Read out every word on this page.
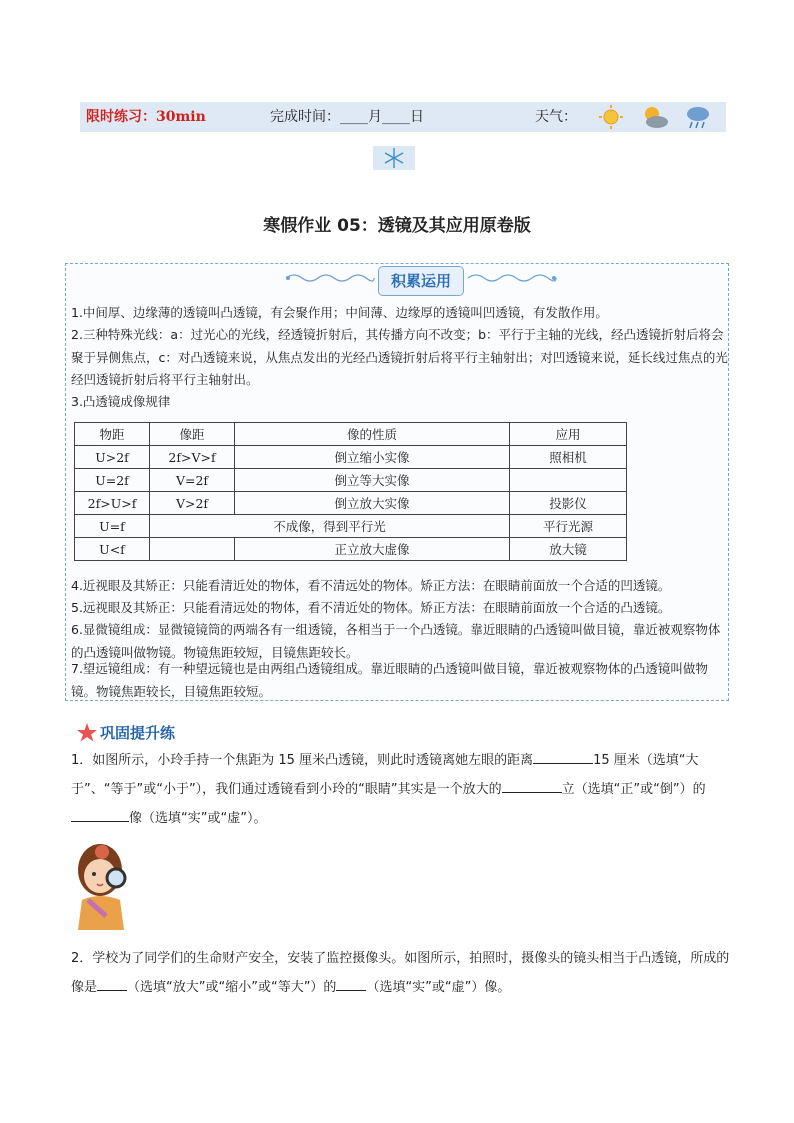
限时练习：30min	完成时间：____月____日	天气：
寒假作业 05：透镜及其应用原卷版
积累运用
1.中间厚、边缘薄的透镜叫凸透镜，有会聚作用；中间薄、边缘厚的透镜叫凹透镜，有发散作用。
2.三种特殊光线：a：过光心的光线，经透镜折射后，其传播方向不改变；b：平行于主轴的光线，经凸透镜折射后将会聚于异侧焦点，c：对凸透镜来说，从焦点发出的光经凸透镜折射后将平行主轴射出；对凹透镜来说，延长线过焦点的光经凹透镜折射后将平行主轴射出。
3.凸透镜成像规律
物距	像距	像的性质	应用
U>2f	2f>V>f	倒立缩小实像	照相机
U=2f	V=2f	倒立等大实像	
2f>U>f	V>2f	倒立放大实像	投影仪
U=f	不成像，得到平行光		平行光源
U<f		正立放大虚像	放大镜
4.近视眼及其矫正：只能看清近处的物体，看不清远处的物体。矫正方法：在眼睛前面放一个合适的凹透镜。
5.远视眼及其矫正：只能看清远处的物体，看不清近处的物体。矫正方法：在眼睛前面放一个合适的凸透镜。
6.显微镜组成：显微镜镜筒的两端各有一组透镜，各相当于一个凸透镜。靠近眼睛的凸透镜叫做目镜，靠近被观察物体的凸透镜叫做物镜。物镜焦距较短，目镜焦距较长。
7.望远镜组成：有一种望远镜也是由两组凸透镜组成。靠近眼睛的凸透镜叫做目镜，靠近被观察物体的凸透镜叫做物镜。物镜焦距较长，目镜焦距较短。
巩固提升练
1．如图所示，小玲手持一个焦距为 15 厘米凸透镜，则此时透镜离她左眼的距离	15 厘米（选填“大于”、“等于”或“小于”），我们通过透镜看到小玲的“眼睛”其实是一个放大的	立（选填“正”或“倒”）的像（选填“实”或“虚”）。
2．学校为了同学们的生命财产安全，安装了监控摄像头。如图所示，拍照时，摄像头的镜头相当于凸透镜，所成的像是 （选填“放大”或“缩小”或“等大”）的 （选填“实”或“虚”）像。
